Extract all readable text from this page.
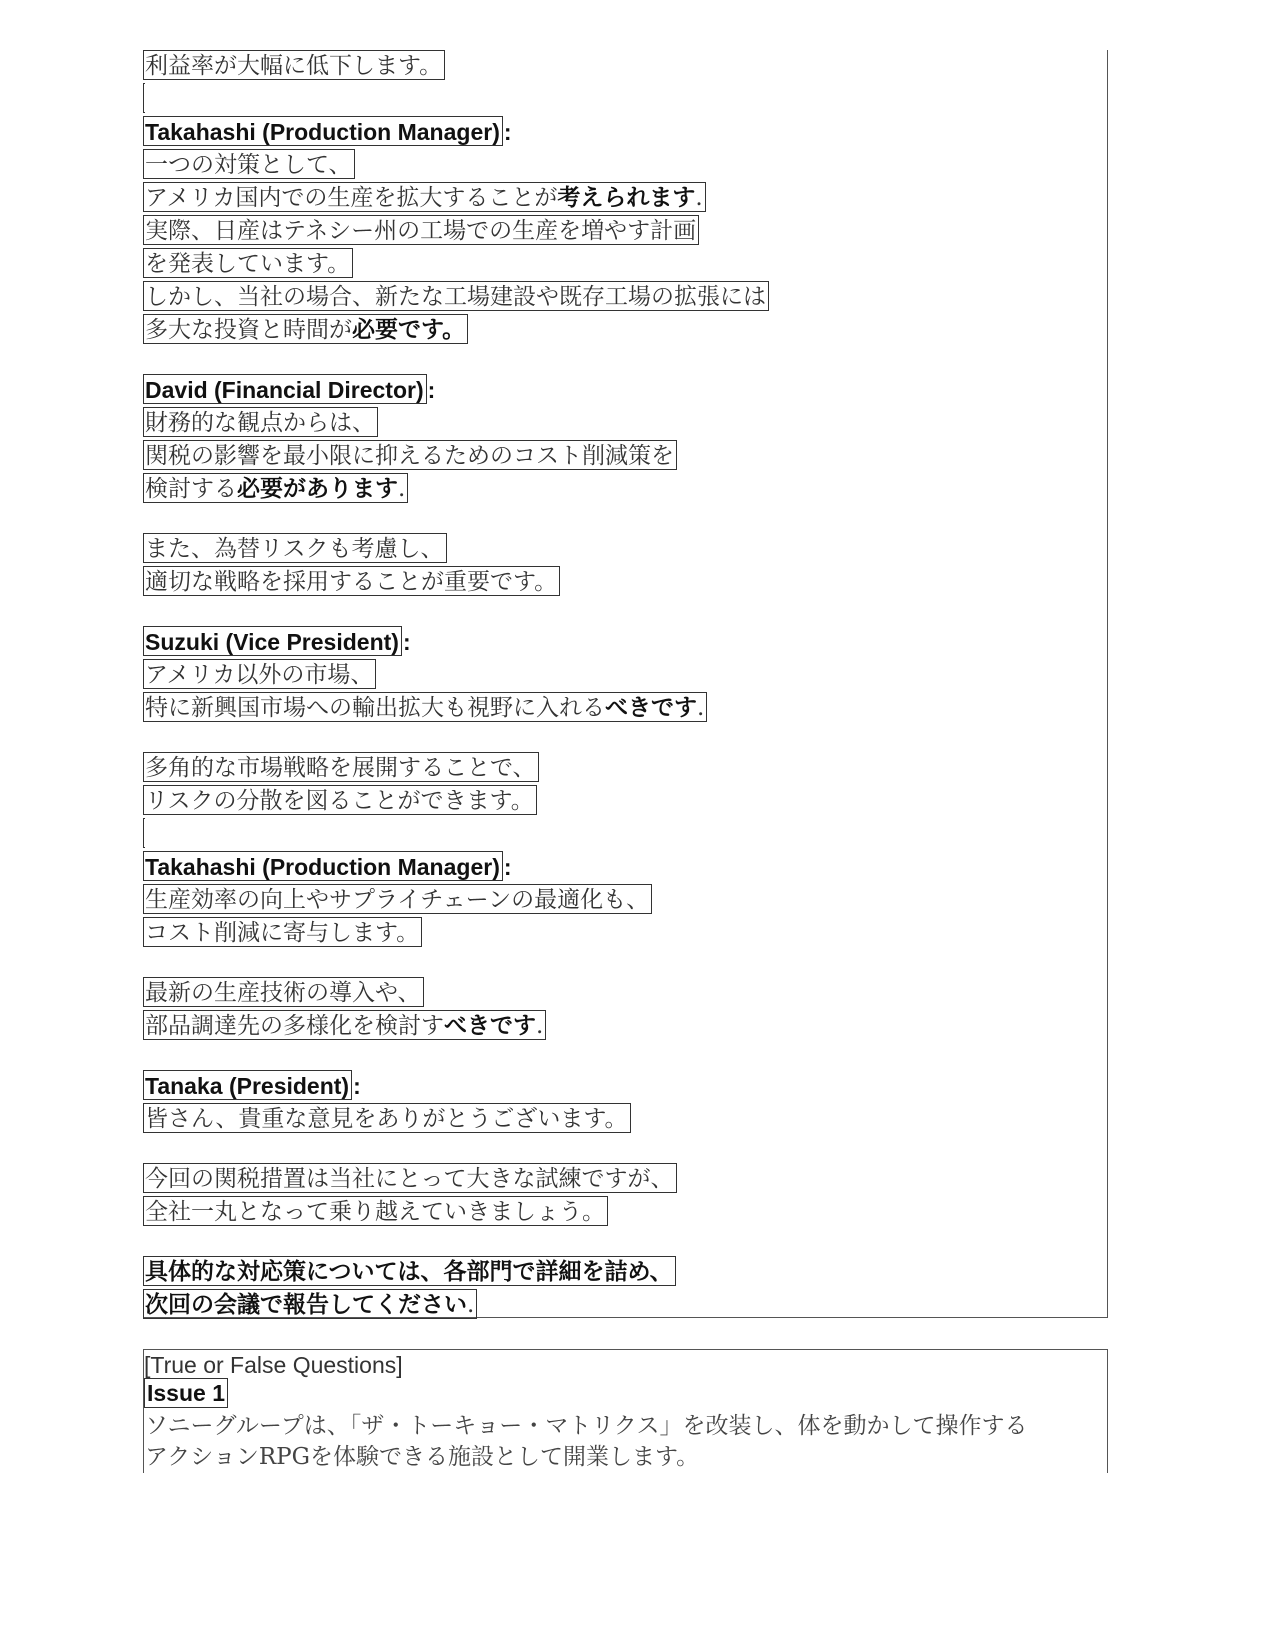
利益率が大幅に低下します。
Takahashi (Production Manager) :
一つの対策として、
アメリカ国内での生産を拡大することが考えられます.
実際、日産はテネシー州の工場での生産を増やす計画
を発表しています。
しかし、当社の場合、新たな工場建設や既存工場の拡張には
多大な投資と時間が必要です。
David (Financial Director) :
財務的な観点からは、
関税の影響を最小限に抑えるためのコスト削減策を
検討する必要があります.
また、為替リスクも考慮し、
適切な戦略を採用することが重要です。
Suzuki (Vice President) :
アメリカ以外の市場、
特に新興国市場への輸出拡大も視野に入れるべきです.
多角的な市場戦略を展開することで、
リスクの分散を図ることができます。
Takahashi (Production Manager) :
生産効率の向上やサプライチェーンの最適化も、
コスト削減に寄与します。
最新の生産技術の導入や、
部品調達先の多様化を検討すべきです.
Tanaka (President) :
皆さん、貴重な意見をありがとうございます。
今回の関税措置は当社にとって大きな試練ですが、
全社一丸となって乗り越えていきましょう。
具体的な対応策については、各部門で詳細を詰め、
次回の会議で報告してください.
[True or False Questions]
Issue 1
ソニーグループは、「ザ・トーキョー・マトリクス」を改装し、体を動かして操作する
アクションRPGを体験できる施設として開業します。
